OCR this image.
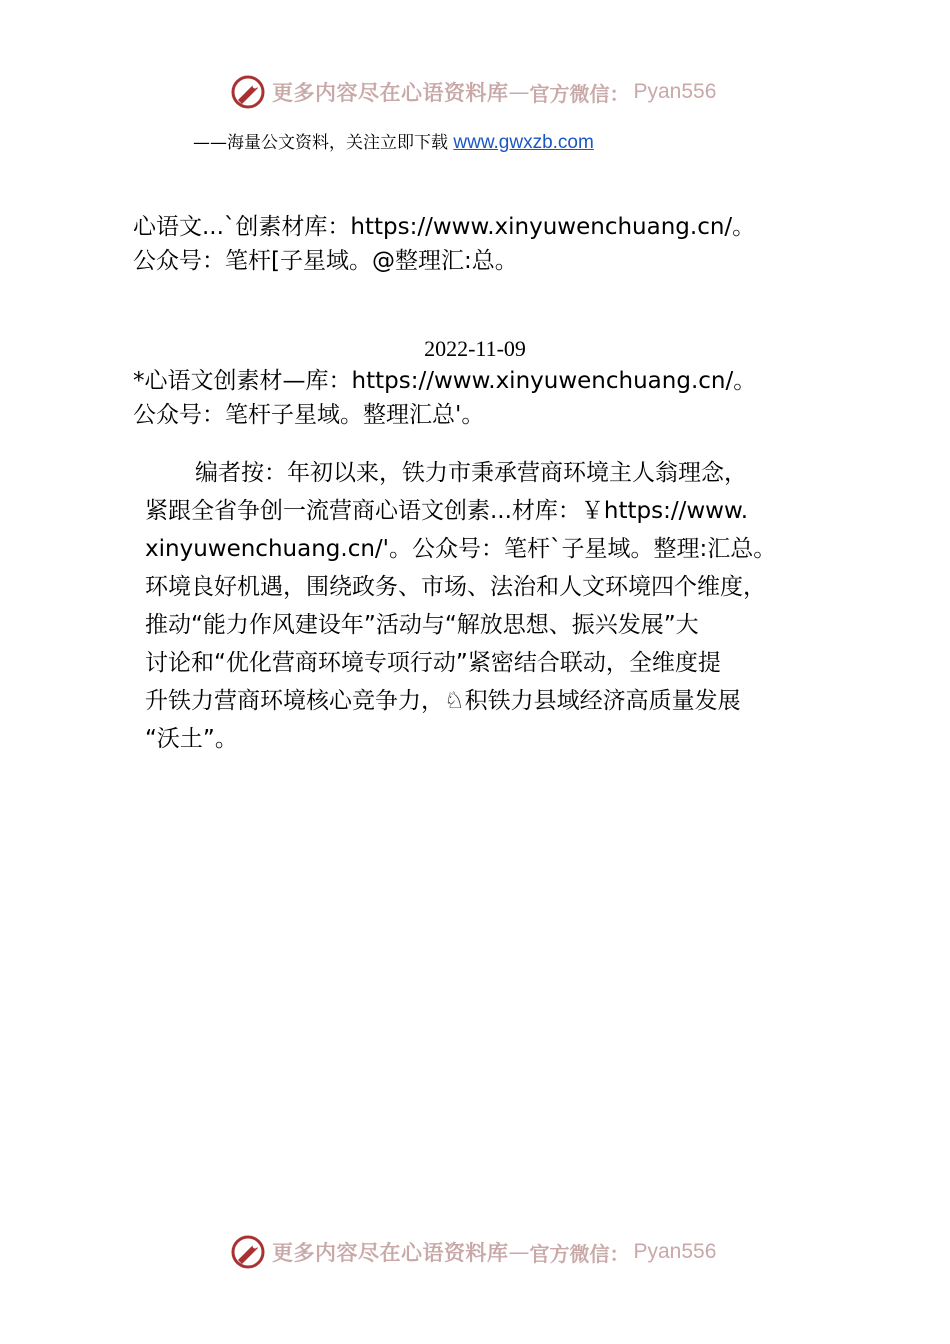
更多内容尽在心语资料库 — 官方微信： Pyan556
——海量公文资料，关注立即下载 www.gwxzb.com
心语文...`创素材库：https://www.xinyuwenchuang.cn/。
公众号：笔杆[子星域。@整理汇:总。
2022-11-09
*心语文创素材—库：https://www.xinyuwenchuang.cn/。
公众号：笔杆子星域。整理汇总'。
编者按：年初以来，铁力市秉承营商环境主人翁理念，
紧跟全省争创一流营商心语文创素...材库：￥https://www.
xinyuwenchuang.cn/'。公众号：笔杆`子星域。整理:汇总。
环境良好机遇，围绕政务、市场、法治和人文环境四个维度，
推动“能力作风建设年”活动与“解放思想、振兴发展”大
讨论和“优化营商环境专项行动”紧密结合联动，全维度提
升铁力营商环境核心竞争力，♘积铁力县域经济高质量发展
“沃土”。
更多内容尽在心语资料库 — 官方微信： Pyan556
